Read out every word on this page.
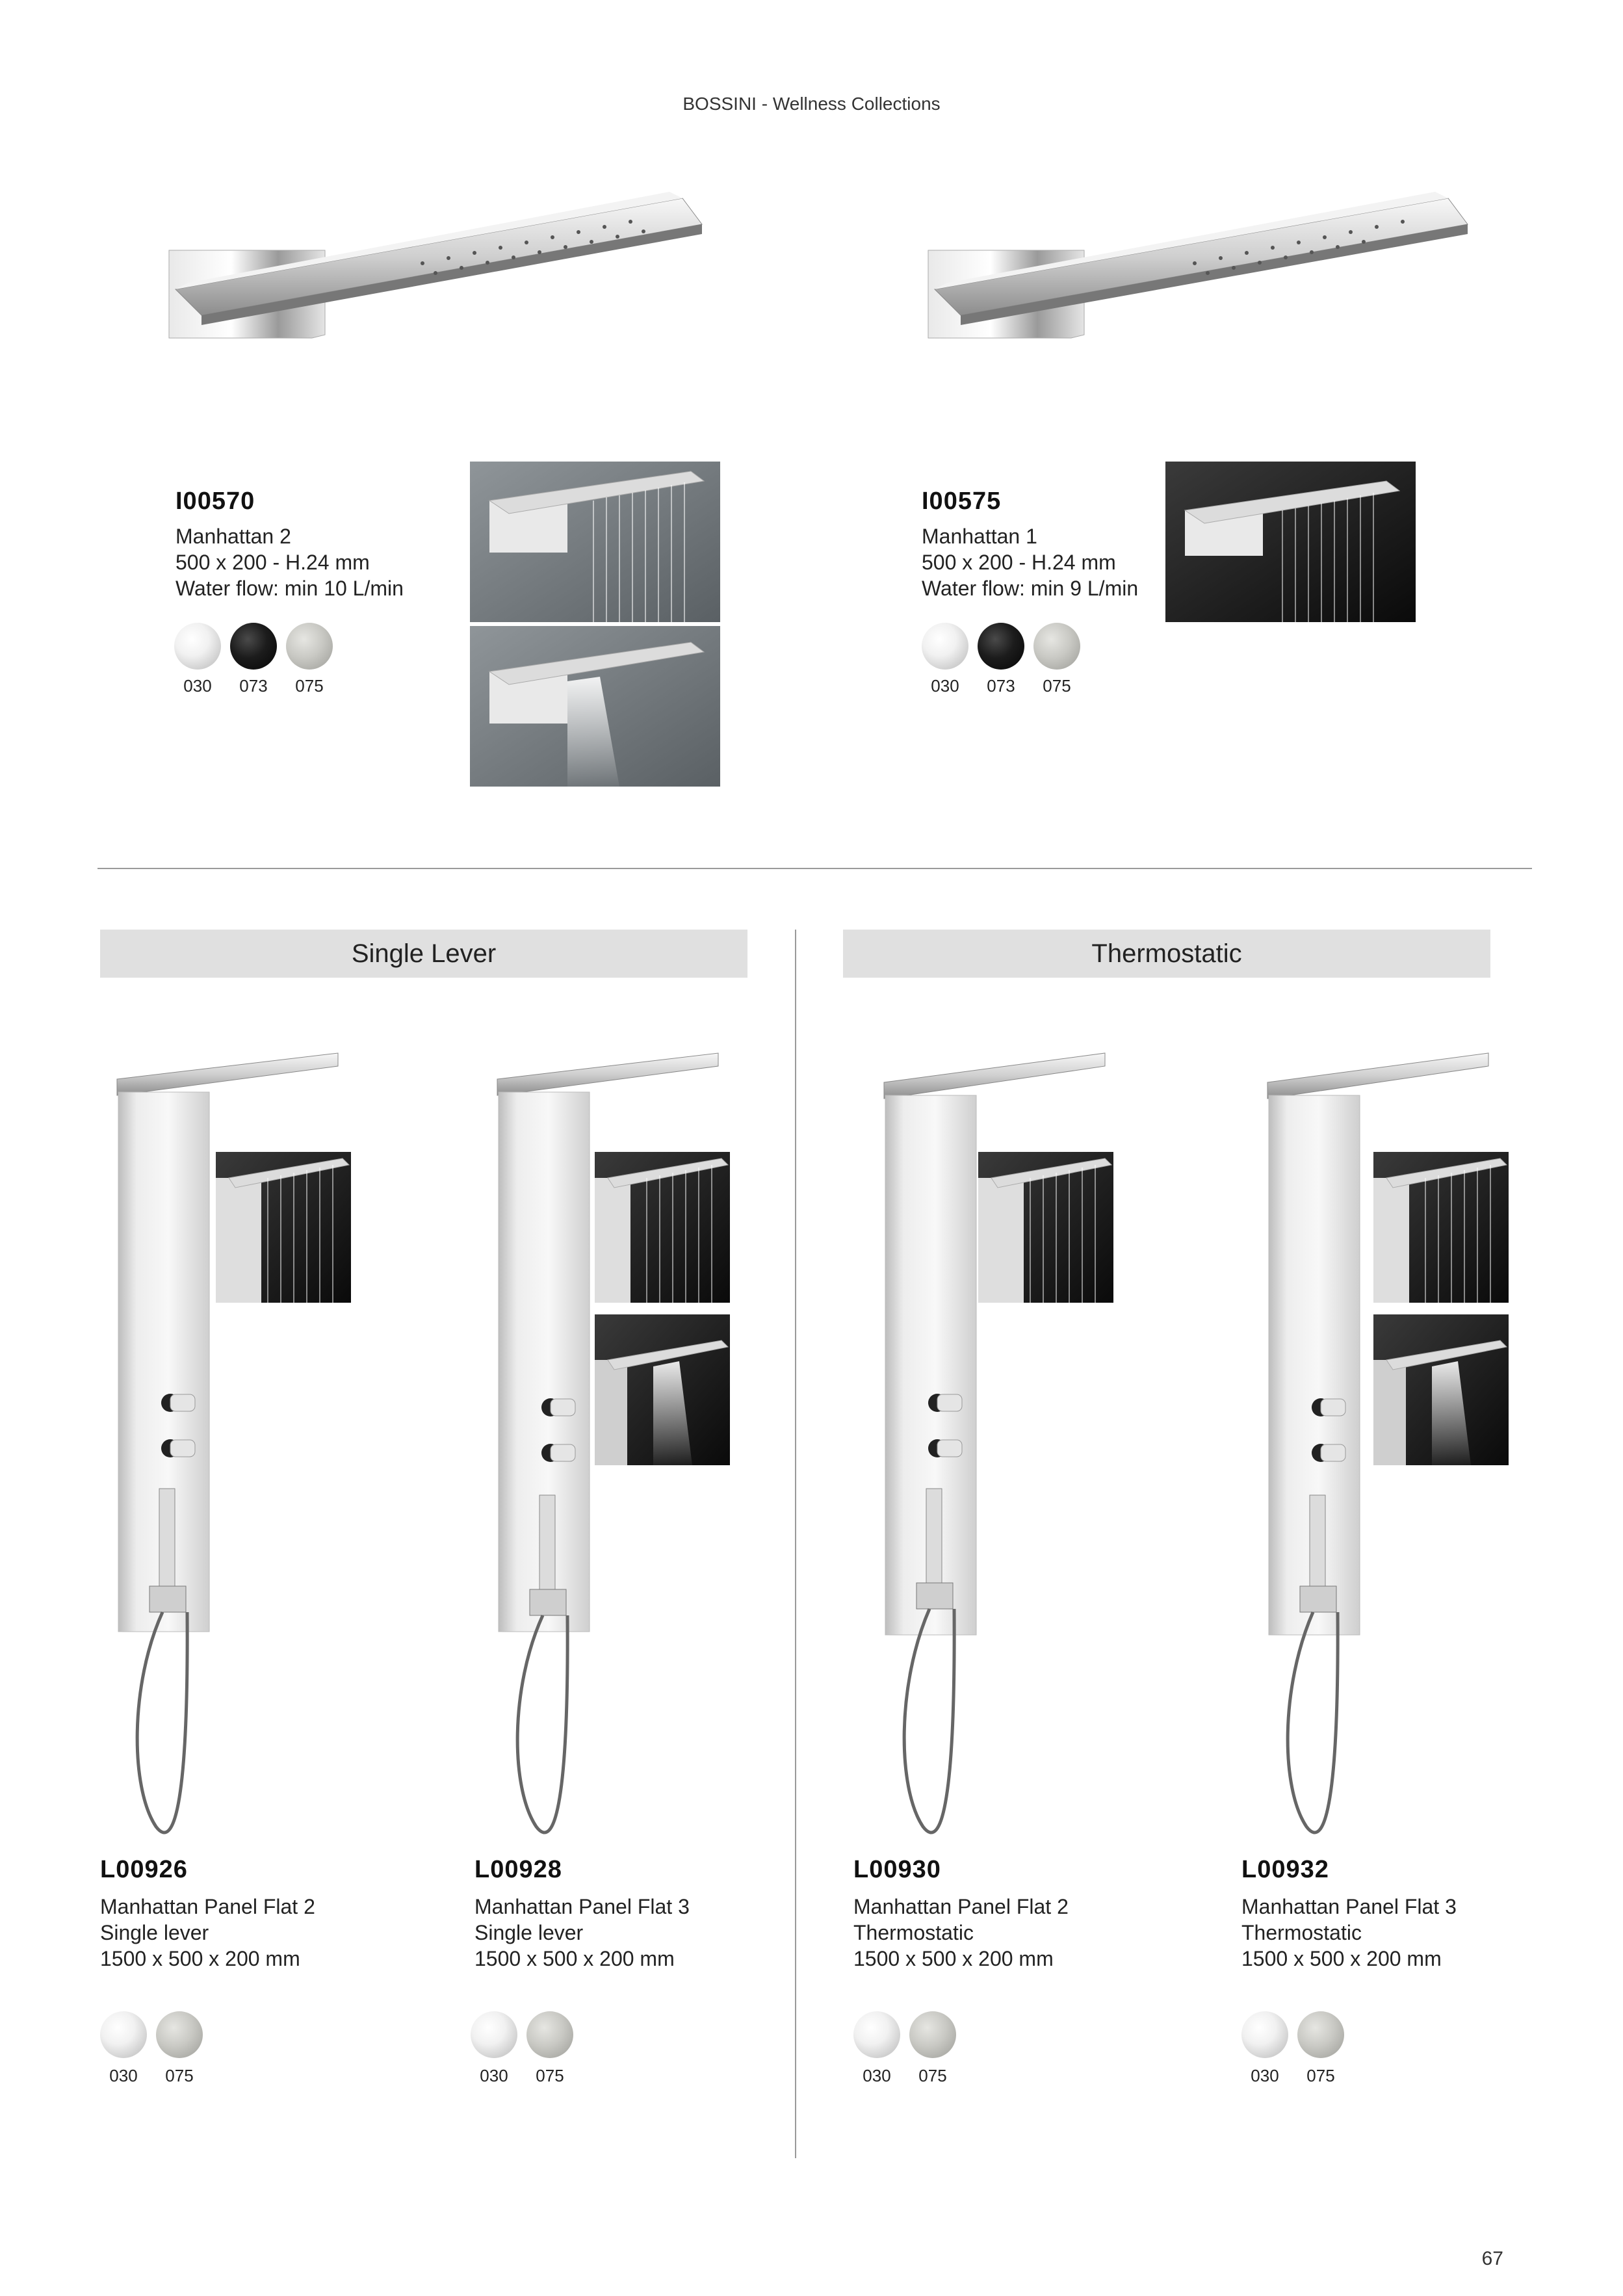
BOSSINI - Wellness Collections
I00570
Manhattan 2
500 x 200 - H.24 mm
Water flow: min 10 L/min
030	073	075
I00575
Manhattan 1
500 x 200 - H.24 mm
Water flow: min 9 L/min
030	073	075
Single Lever	Thermostatic
L00926
Manhattan Panel Flat 2
Single lever
1500 x 500 x 200 mm
030	075
L00928
Manhattan Panel Flat 3
Single lever
1500 x 500 x 200 mm
030	075
L00930
Manhattan Panel Flat 2
Thermostatic
1500 x 500 x 200 mm
030	075
L00932
Manhattan Panel Flat 3
Thermostatic
1500 x 500 x 200 mm
030	075
67
